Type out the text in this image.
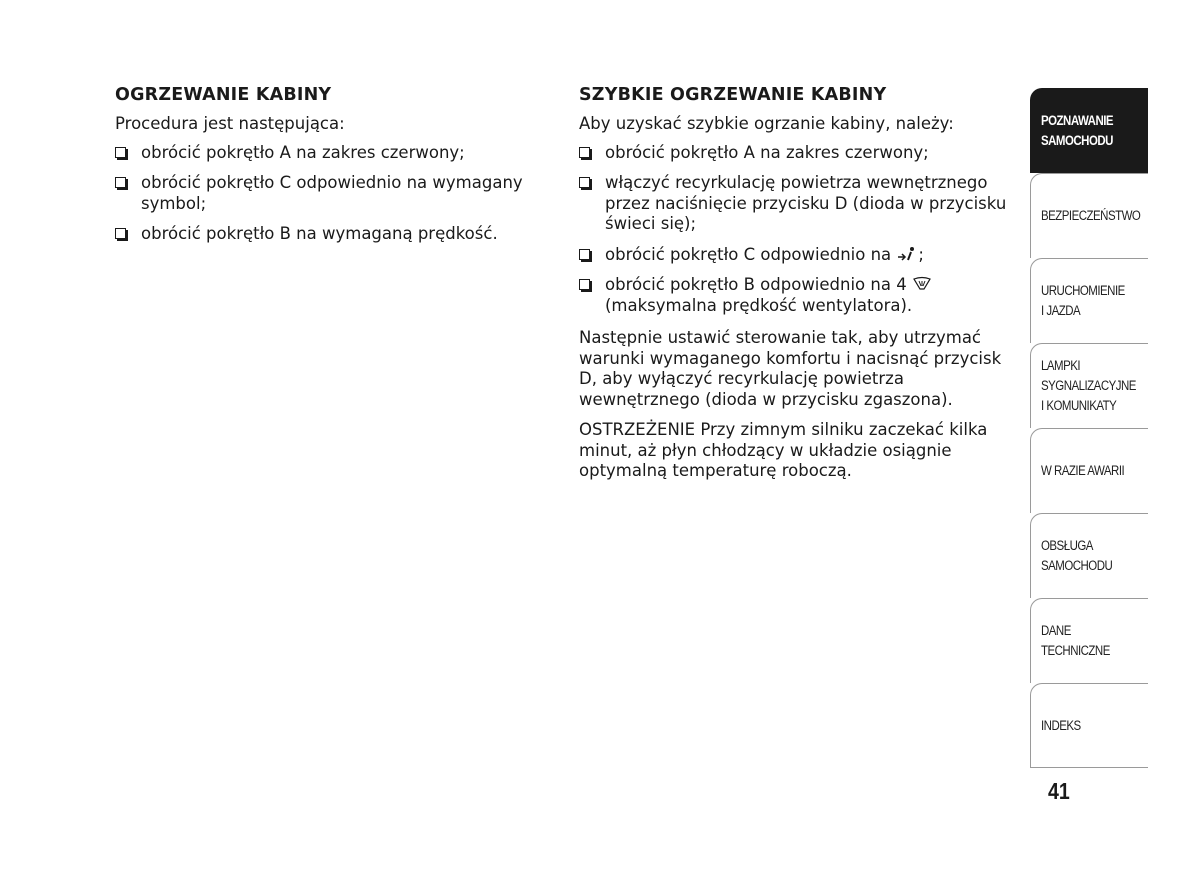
OGRZEWANIE KABINY
Procedura jest następująca:
obrócić pokrętło A na zakres czerwony;
obrócić pokrętło C odpowiednio na wymagany symbol;
obrócić pokrętło B na wymaganą prędkość.
SZYBKIE OGRZEWANIE KABINY
Aby uzyskać szybkie ogrzanie kabiny, należy:
obrócić pokrętło A na zakres czerwony;
włączyć recyrkulację powietrza wewnętrznego przez naciśnięcie przycisku D (dioda w przycisku świeci się);
obrócić pokrętło C odpowiednio na ;
obrócić pokrętło B odpowiednio na 4
(maksymalna prędkość wentylatora).
Następnie ustawić sterowanie tak, aby utrzymać warunki wymaganego komfortu i nacisnąć przycisk D, aby wyłączyć recyrkulację powietrza wewnętrznego (dioda w przycisku zgaszona).
OSTRZEŻENIE Przy zimnym silniku zaczekać kilka minut, aż płyn chłodzący w układzie osiągnie optymalną temperaturę roboczą.
POZNAWANIE
SAMOCHODU
BEZPIECZEŃSTWO
URUCHOMIENIE
I JAZDA
LAMPKI
SYGNALIZACYJNE
I KOMUNIKATY
W RAZIE AWARII
OBSŁUGA
SAMOCHODU
DANE
TECHNICZNE
INDEKS
41
